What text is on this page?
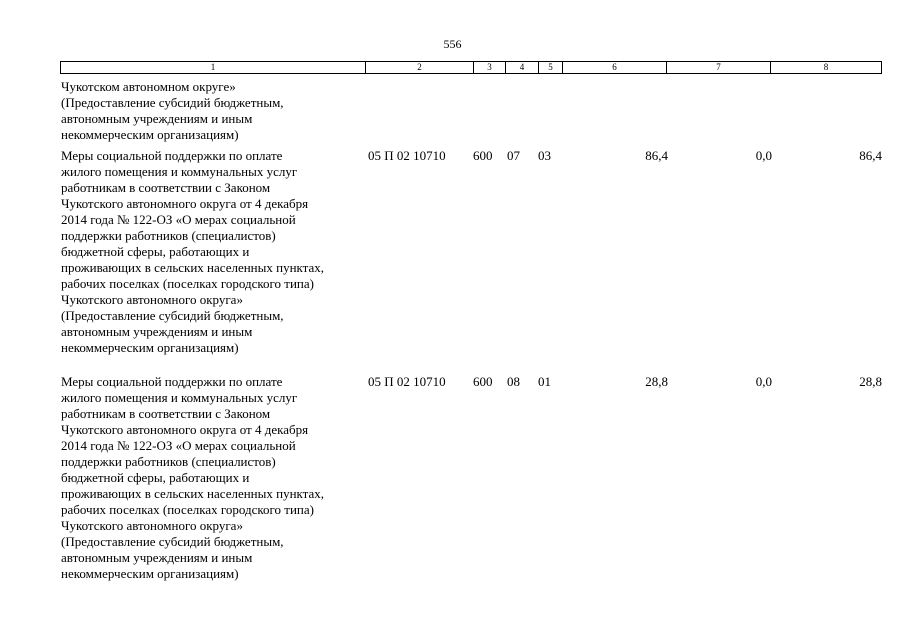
556
1	2	3	4	5	6	7	8
Чукотском автономном округе»
(Предоставление субсидий бюджетным,
автономным учреждениям и иным
некоммерческим организациям)
Меры социальной поддержки по оплате
жилого помещения и коммунальных услуг
работникам в соответствии с Законом
Чукотского автономного округа от 4 декабря
2014 года № 122-ОЗ «О мерах социальной
поддержки работников (специалистов)
бюджетной сферы, работающих и
проживающих в сельских населенных пунктах,
рабочих поселках (поселках городского типа)
Чукотского автономного округа»
(Предоставление субсидий бюджетным,
автономным учреждениям и иным
некоммерческим организациям)
05 П 02 10710 600 07 03	86,4	0,0	86,4
Меры социальной поддержки по оплате
жилого помещения и коммунальных услуг
работникам в соответствии с Законом
Чукотского автономного округа от 4 декабря
2014 года № 122-ОЗ «О мерах социальной
поддержки работников (специалистов)
бюджетной сферы, работающих и
проживающих в сельских населенных пунктах,
рабочих поселках (поселках городского типа)
Чукотского автономного округа»
(Предоставление субсидий бюджетным,
автономным учреждениям и иным
некоммерческим организациям)
05 П 02 10710 600 08 01	28,8	0,0	28,8
